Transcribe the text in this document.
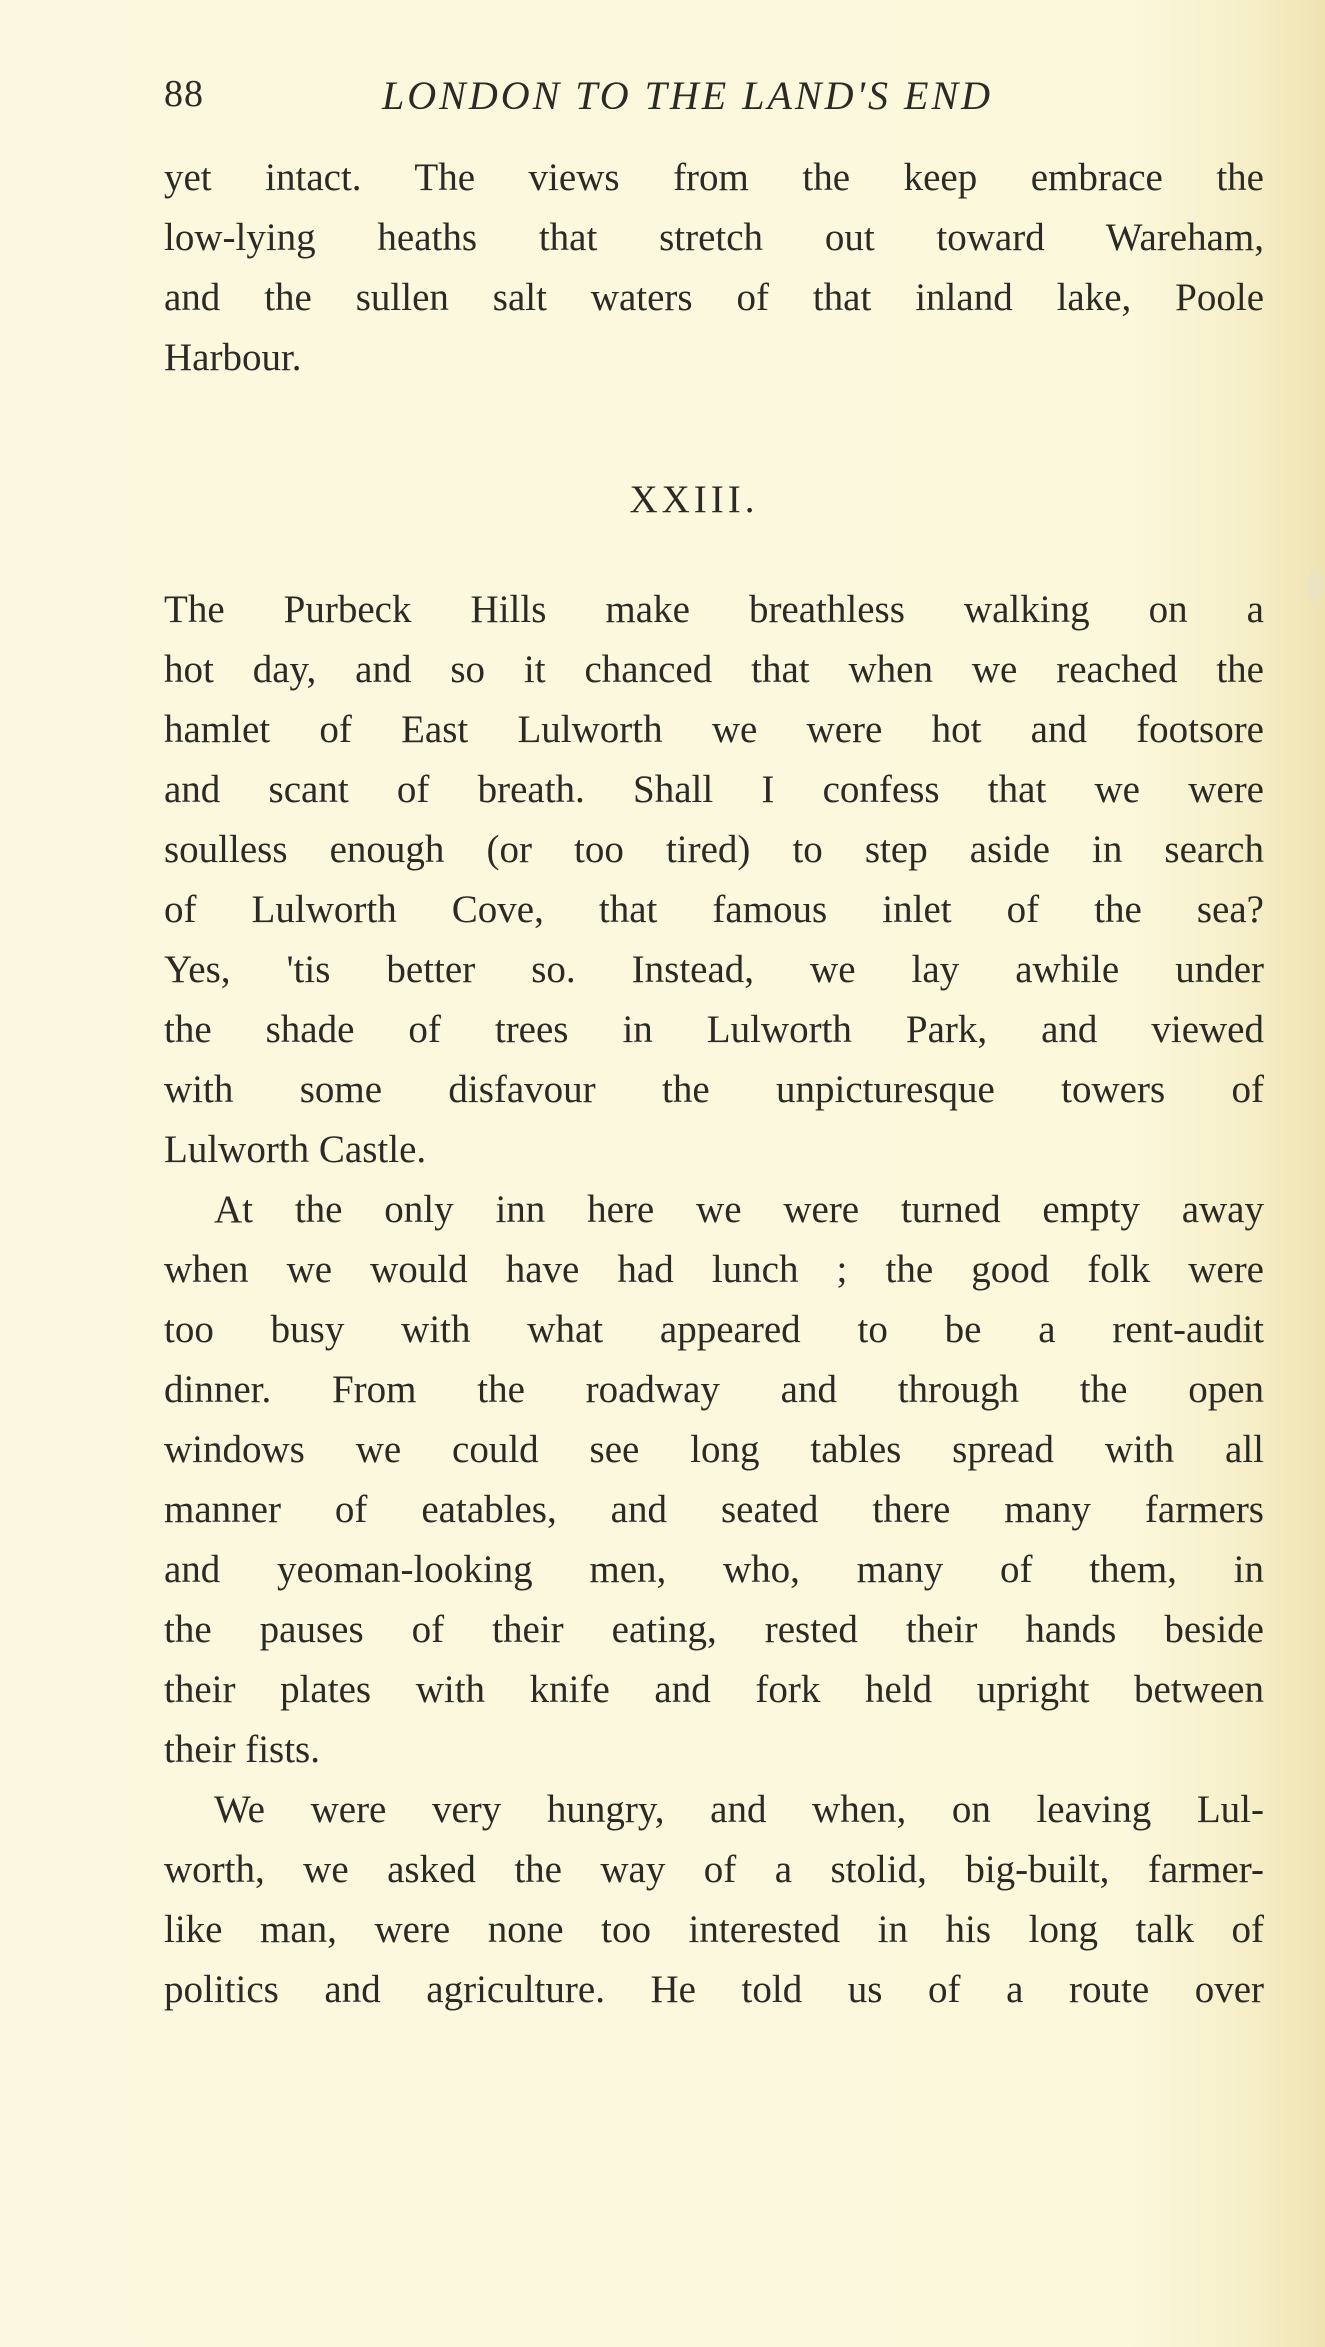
88	LONDON TO THE LAND'S END
yet intact. The views from the keep embrace the
low-lying heaths that stretch out toward Wareham,
and the sullen salt waters of that inland lake, Poole
Harbour.
XXIII.
The Purbeck Hills make breathless walking on a
hot day, and so it chanced that when we reached the
hamlet of East Lulworth we were hot and footsore
and scant of breath. Shall I confess that we were
soulless enough (or too tired) to step aside in search
of Lulworth Cove, that famous inlet of the sea?
Yes, 'tis better so. Instead, we lay awhile under
the shade of trees in Lulworth Park, and viewed
with some disfavour the unpicturesque towers of
Lulworth Castle.
At the only inn here we were turned empty away
when we would have had lunch ; the good folk were
too busy with what appeared to be a rent-audit
dinner. From the roadway and through the open
windows we could see long tables spread with all
manner of eatables, and seated there many farmers
and yeoman-looking men, who, many of them, in
the pauses of their eating, rested their hands beside
their plates with knife and fork held upright between
their fists.
We were very hungry, and when, on leaving Lul-
worth, we asked the way of a stolid, big-built, farmer-
like man, were none too interested in his long talk of
politics and agriculture. He told us of a route over
